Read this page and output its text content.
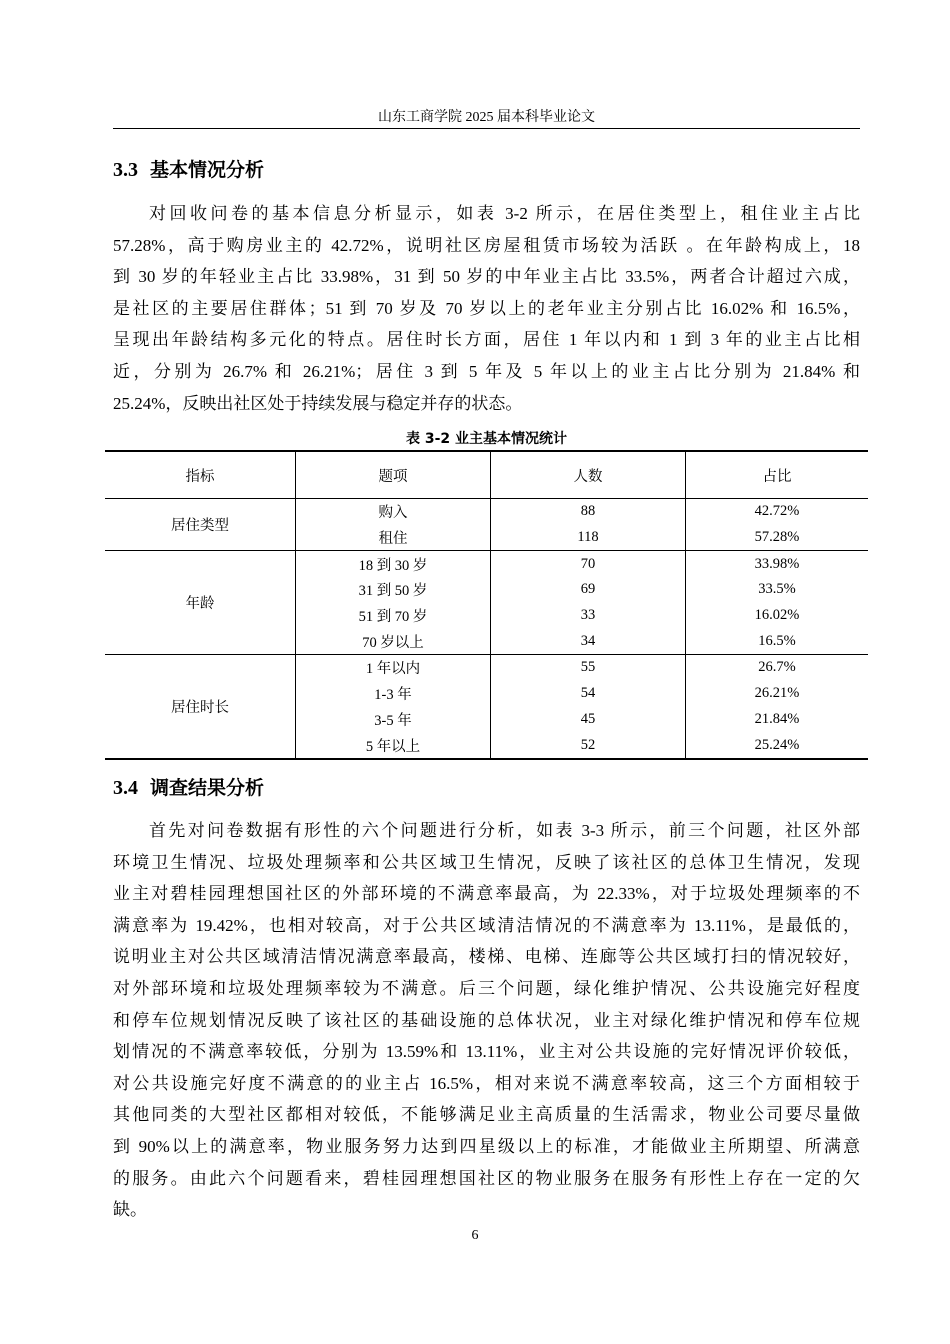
山东工商学院 2025 届本科毕业论文
3.3 基本情况分析
对回收问卷的基本信息分析显示，如表 3-2 所示，在居住类型上，租住业主占比
57.28%，高于购房业主的 42.72%，说明社区房屋租赁市场较为活跃 。在年龄构成上，18
到 30 岁的年轻业主占比 33.98%，31 到 50 岁的中年业主占比 33.5%，两者合计超过六成，
是社区的主要居住群体；51 到 70 岁及 70 岁以上的老年业主分别占比 16.02% 和 16.5%，
呈现出年龄结构多元化的特点。居住时长方面，居住 1 年以内和 1 到 3 年的业主占比相
近，分别为 26.7% 和 26.21%；居住 3 到 5 年及 5 年以上的业主占比分别为 21.84% 和
25.24%，反映出社区处于持续发展与稳定并存的状态。
表 3-2 业主基本情况统计
指标	题项	人数	占比
居住类型	购入	88	42.72%
	租住	118	57.28%
年龄	18 到 30 岁	70	33.98%
	31 到 50 岁	69	33.5%
	51 到 70 岁	33	16.02%
	70 岁以上	34	16.5%
居住时长	1 年以内	55	26.7%
	1-3 年	54	26.21%
	3-5 年	45	21.84%
	5 年以上	52	25.24%
3.4 调查结果分析
首先对问卷数据有形性的六个问题进行分析，如表 3-3 所示，前三个问题，社区外部
环境卫生情况、垃圾处理频率和公共区域卫生情况，反映了该社区的总体卫生情况，发现
业主对碧桂园理想国社区的外部环境的不满意率最高，为 22.33%，对于垃圾处理频率的不
满意率为 19.42%，也相对较高，对于公共区域清洁情况的不满意率为 13.11%，是最低的，
说明业主对公共区域清洁情况满意率最高，楼梯、电梯、连廊等公共区域打扫的情况较好，
对外部环境和垃圾处理频率较为不满意。后三个问题，绿化维护情况、公共设施完好程度
和停车位规划情况反映了该社区的基础设施的总体状况，业主对绿化维护情况和停车位规
划情况的不满意率较低，分别为 13.59%和 13.11%，业主对公共设施的完好情况评价较低，
对公共设施完好度不满意的的业主占 16.5%，相对来说不满意率较高，这三个方面相较于
其他同类的大型社区都相对较低，不能够满足业主高质量的生活需求，物业公司要尽量做
到 90%以上的满意率，物业服务努力达到四星级以上的标准，才能做业主所期望、所满意
的服务。由此六个问题看来，碧桂园理想国社区的物业服务在服务有形性上存在一定的欠
缺。
6
